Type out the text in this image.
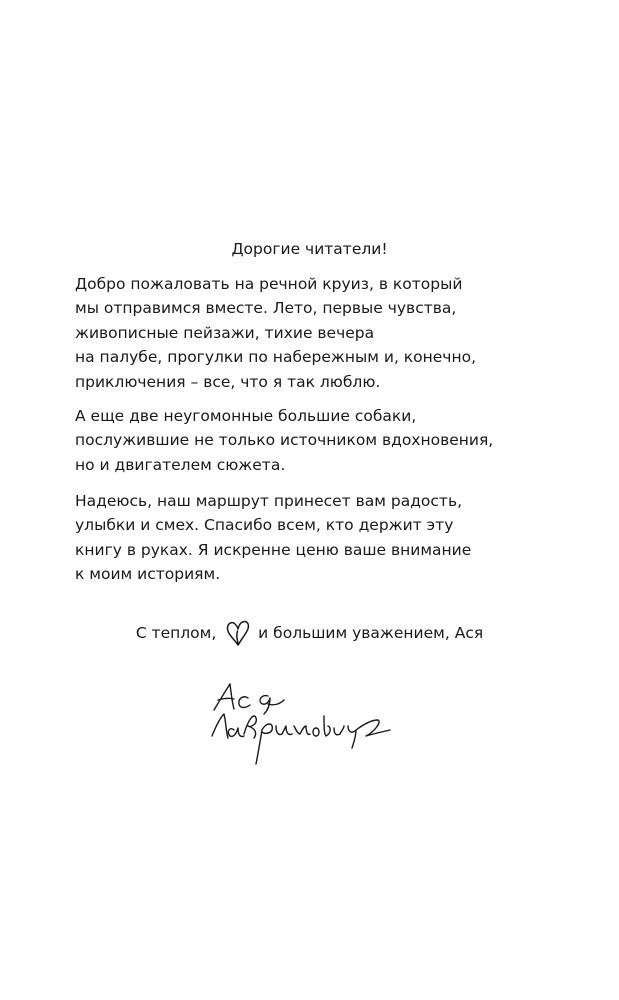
Дорогие читатели!

Добро пожаловать на речной круиз, в который
мы отправимся вместе. Лето, первые чувства,
живописные пейзажи, тихие вечера
на палубе, прогулки по набережным и, конечно,
приключения – все, что я так люблю.

А еще две неугомонные большие собаки,
послужившие не только источником вдохновения,
но и двигателем сюжета.

Надеюсь, наш маршрут принесет вам радость,
улыбки и смех. Спасибо всем, кто держит эту
книгу в руках. Я искренне ценю ваше внимание
к моим историям.

С теплом,	и большим уважением, Ася
